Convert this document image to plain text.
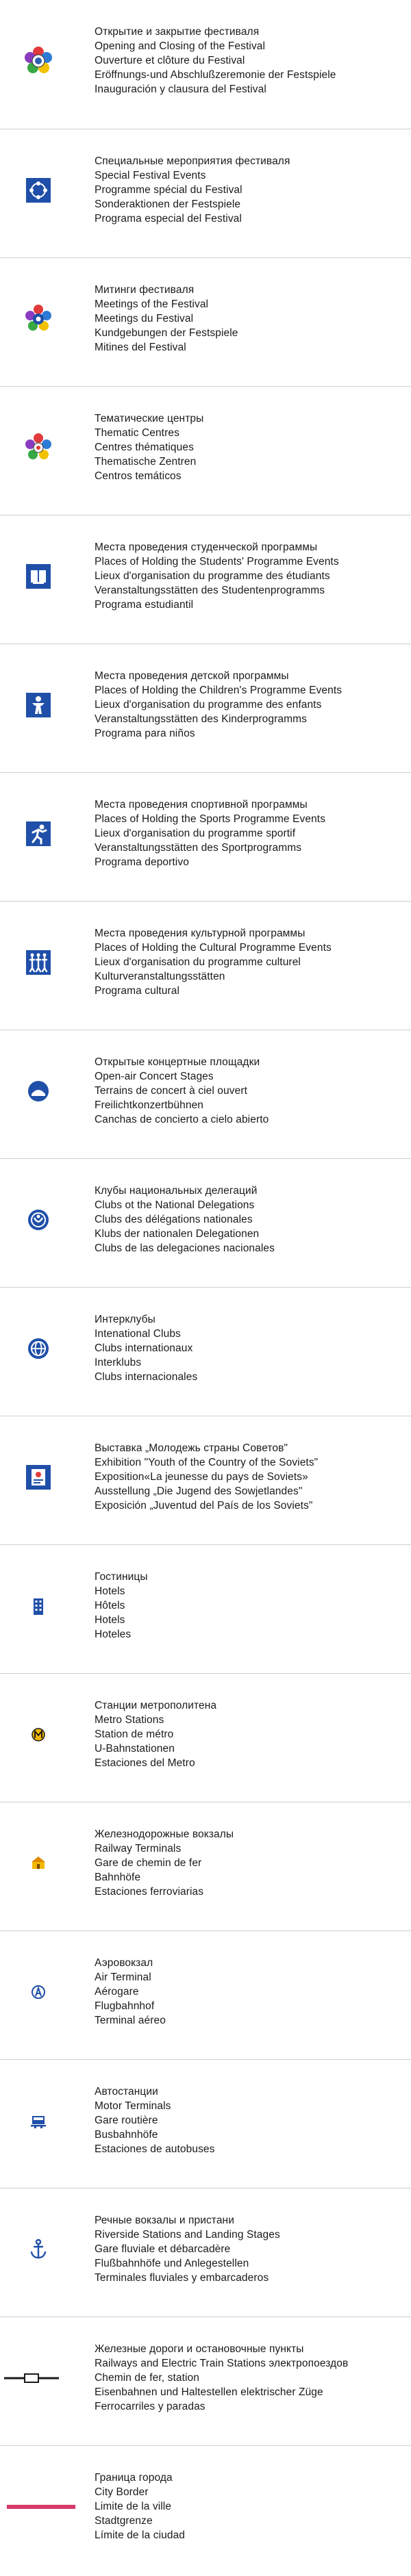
Открытие и закрытие фестиваля
Opening and Closing of the Festival
Ouverture et clôture du Festival
Eröffnungs-und Abschlußzeremonie der Festspiele
Inauguración y clausura del Festival
Специальные мероприятия фестиваля
Special Festival Events
Programme spécial du Festival
Sonderaktionen der Festspiele
Programa especial del Festival
Митинги фестиваля
Meetings of the Festival
Meetings du Festival
Kundgebungen der Festspiele
Mitines del Festival
Тематические центры
Thematic Centres
Centres thématiques
Thematische Zentren
Centros temáticos
Места проведения студенческой программы
Places of Holding the Students' Programme Events
Lieux d'organisation du programme des étudiants
Veranstaltungsstätten des Studentenprogramms
Programa estudiantil
Места проведения детской программы
Places of Holding the Children's Programme Events
Lieux d'organisation du programme des enfants
Veranstaltungsstätten des Kinderprogramms
Programa para niños
Места проведения спортивной программы
Places of Holding the Sports Programme Events
Lieux d'organisation du programme sportif
Veranstaltungsstätten des Sportprogramms
Programa deportivo
Места проведения культурной программы
Places of Holding the Cultural Programme Events
Lieux d'organisation du programme culturel
Kulturveranstaltungsstätten
Programa cultural
Открытые концертные площадки
Open-air Concert Stages
Terrains de concert à ciel ouvert
Freilichtkonzertbühnen
Canchas de concierto a cielo abierto
Клубы национальных делегаций
Clubs ot the National Delegations
Clubs des délégations nationales
Klubs der nationalen Delegationen
Clubs de las delegaciones nacionales
Интерклубы
Intenational Clubs
Clubs internationaux
Interklubs
Clubs internacionales
Выставка „Молодежь страны Советов"
Exhibition "Youth of the Country of the Soviets"
Exposition«La jeunesse du pays de Soviets»
Ausstellung „Die Jugend des Sowjetlandes"
Exposición „Juventud del País de los Soviets"
Гостиницы
Hotels
Hôtels
Hotels
Hoteles
Станции метрополитена
Metro Stations
Station de métro
U-Bahnstationen
Estaciones del Metro
Железнодорожные вокзалы
Railway Terminals
Gare de chemin de fer
Bahnhöfe
Estaciones ferroviarias
Аэровокзал
Air Terminal
Aérogare
Flugbahnhof
Terminal aéreo
Автостанции
Motor Terminals
Gare routière
Busbahnhöfe
Estaciones de autobuses
Речные вокзалы и пристани
Riverside Stations and Landing Stages
Gare fluviale et débarcadère
Flußbahnhöfe und Anlegestellen
Terminales fluviales y embarcaderos
Железные дороги и остановочные пункты
Railways and Electric Train Stations электропоездов
Chemin de fer, station
Eisenbahnen und Haltestellen elektrischer Züge
Ferrocarriles y paradas
Граница города
City Border
Limite de la ville
Stadtgrenze
Límite de la ciudad
